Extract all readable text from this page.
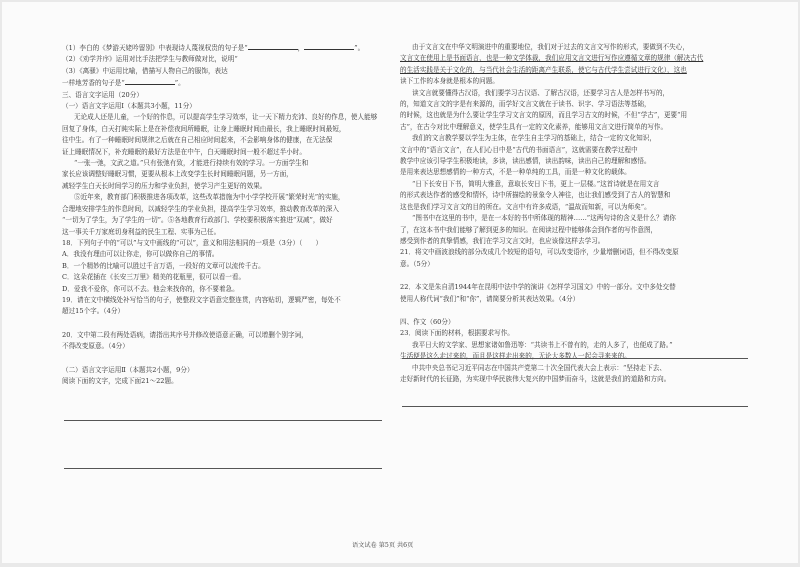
（1）李白的《梦游天姥吟留别》中表现诗人蔑视权贵的句子是“	，	”。

（2）《劝学并序》运用对比手法把学生与教师做对比，说明“

（3）《离骚》中运用比喻，借描写人物自己的服饰，表达

一样地芳香的句子是“	”。

三、语言文字运用（20分）

（一）语言文字运用Ⅰ（本题共3小题，11分）

无论成人还是儿童，一个好的作息，可以提高学生学习效率，让一天下精力充沛、良好的作息，使人能够

回复了身体，白天打盹实际上是在补偿夜间所睡眠，让身上睡眠时间由最长，我上睡眠时间最短，

往中生。有了一种睡眠时间规律之后就在自己相应时间起来，不会影响身体的健康，在无法保

证上睡眠情况下，补充睡眠的最好方法是在中午，白天睡眠时间一般不超过半小时。

“一张一弛，文武之道。”只有张弛有致，才能进行持续有效的学习。一方面学生和

家长应该调整好睡眠习惯，更要从根本上改变学生长时间睡眠问题，另一方面，

减轻学生白天长时间学习的压力和学业负担，使学习产生更好的效果。

⑤近年来，教育部门积极推进各项改革，这些改革措施为中小学学校开展“繁荣时光”的实施，

合理地安排学生的作息时间，以减轻学生的学业负担，提高学生学习效率，推动教育改革的深入

“一切为了学生，为了学生的一切”。⑤各地教育行政部门、学校要积极落实推进“双减”，做好

这一事关千万家庭切身利益的民生工程、实事为己任。

18．下列句子中的“可以”与文中画线的“可以”，意义和用法相同的一项是（3分）（　　）

A．我没有理由可以让你走，你可以做你自己的事情。

B．一个精妙的比喻可以胜过千言万语，一段好的文章可以流传千古。

C．这朵花插在《长安三万里》精美的花瓶里，很可以看一看。

D．爱我不爱你，你可以不去。他会来找你的，你不要着急。

19．请在文中横线处补写恰当的句子，使整段文字语意完整连贯，内容贴切，逻辑严密，每处不

超过15个字。（4分）

20．文中第二段有两处语病，请指出其序号并修改使语意正确，可以增删个别字词，

不得改变原意。（4分）

（二）语言文字运用Ⅱ（本题共2小题，9分）

阅读下面的文字，完成下面21～22题。

由于文言文在中华文明演进中的重要地位，我们对于过去的文言文写作的形式，要做到不失心，

文言文在使用上是书面语言，也是一种文学体裁，我们应用文言文进行写作应遵循文章的规律（解决古代

的生活实践是关于文化的，与当代社会生活的距离产生联系，使它与古代学生尝试进行文化），这也

读下工作的本身就是根本的问题。

读文言就要懂得古汉语，我们要学习古汉语、了解古汉语，还要学习古人是怎样书写的，

的，知道文言文的字是有来源的，而学好文言文就在于读书、识字、学习语法等基础，

的时候，这也就是为什么要让学生学习文言文的原因，而且学习古文的时候，不但“学古”，更要“用

古”，在古今对比中理解意义，使学生具有一定的文化素养，能够用文言文进行简单的写作。

我们的文言教学要以学生为主体，在学生自主学习的基础上，结合一定的文化知识，

文言中的“语言文言”，在人们心目中是“古代的书面语言”，这就需要在教学过程中

教学中应该引导学生积极地读，多读，读出感情，读出韵味，读出自己的理解和感悟。

是用来表达思想感情的一种方式，不是一种单纯的工具，而是一种文化的载体。

“日下长安日下书，简明大雅意，意取长安日下书，更上一层楼。”这首诗就是在用文言

的形式表达作者的感受和情怀，诗中所描绘的景象令人神往，也让我们感受到了古人的智慧和

这也是我们学习文言文的目的所在。文言中有许多成语，“温故而知新，可以为师矣”。

“图书中在这里的书中，是在一本好的书中所体现的精神……”这两句诗的含义是什么？请你

了，在这本书中我们能够了解到更多的知识。在阅读过程中能够体会到作者的写作意图，

感受到作者的真挚情感，我们在学习文言文时，也应该像这样去学习。

21．将文中画波浪线的部分改成几个较短的语句，可以改变语序，少量增删词语，但不得改变原

意。（5分）

22．本文是朱自清1944年在昆明中法中学的演讲《怎样学习国文》中的一部分。文中多处交替

使用人称代词“我们”和“你”，请简要分析其表达效果。（4分）

四、作文（60分）

23．阅读下面的材料，根据要求写作。

我平日大的文学家、思想家诸如鲁迅等：“共读书上不曾有的，走的人多了，也便成了路。”

生活便是这么走过来的，而且是这样走出来的，无论大多数人一起会寻来来的。

中共中央总书记习近平同志在中国共产党第二十次全国代表大会上表示：“坚持走下去、

走好新时代的长征路，为实现中华民族伟大复兴的中国梦而奋斗，这就是我们的道路和方向。

语文试卷 第5页 共6页
